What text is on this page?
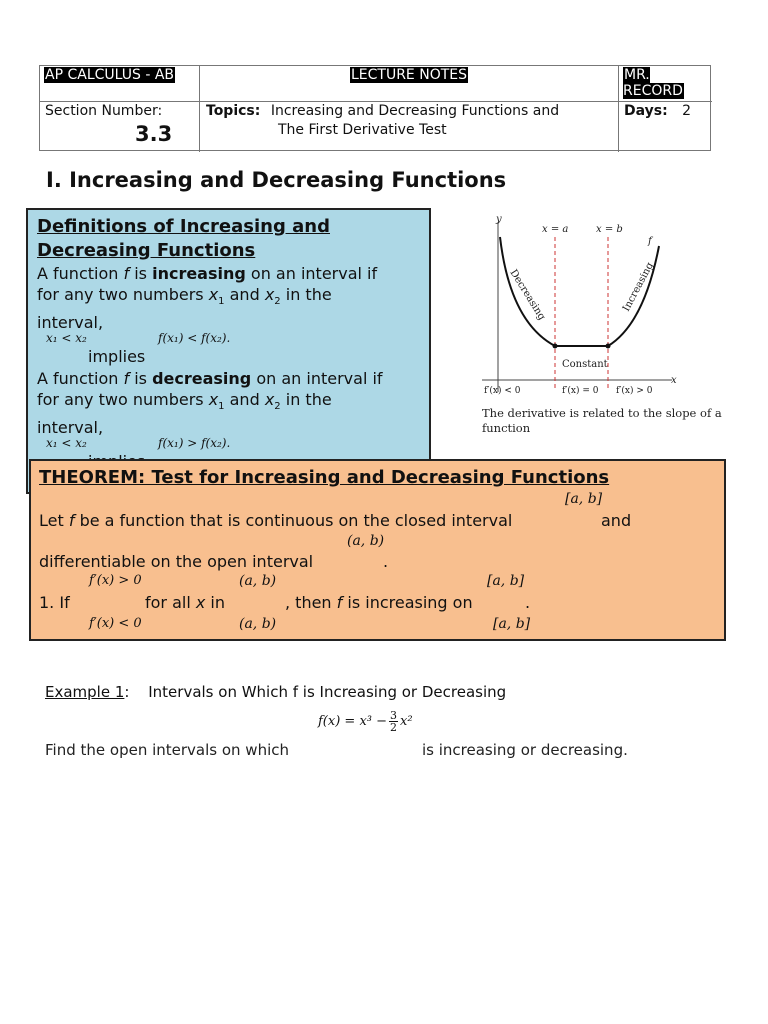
AP CALCULUS - AB	LECTURE NOTES	MR. RECORD
Section Number:
3.3
Topics: Increasing and Decreasing Functions and
The First Derivative Test
Days: 2
I. Increasing and Decreasing Functions
Definitions of Increasing and
Decreasing Functions
A function f is increasing on an interval if
for any two numbers $x_1$ and $x_2$ in the
interval,
x₁ < x₂	f(x₁) < f(x₂).
implies
A function f is decreasing on an interval if
for any two numbers $x_1$ and $x_2$ in the
interval,
x₁ < x₂	f(x₁) > f(x₂).
y
x
x = a	x = b
f
Decreasing	Increasing
Constant
f′(x) < 0	f′(x) = 0 f′(x) > 0
The derivative is related to the slope of a
function
THEOREM: Test for Increasing and Decreasing Functions
[a, b]
Let f be a function that is continuous on the closed interval	and
(a, b)
differentiable on the open interval	.
f′(x) > 0	(a, b)	[a, b]
1. If	for all x in	, then f is increasing on	.
f′(x) < 0	(a, b)	[a, b]
Example 1: Intervals on Which f is Increasing or Decreasing
$f(x) = x^3 - \frac{3}{2} x^2$
Find the open intervals on which	is increasing or decreasing.
